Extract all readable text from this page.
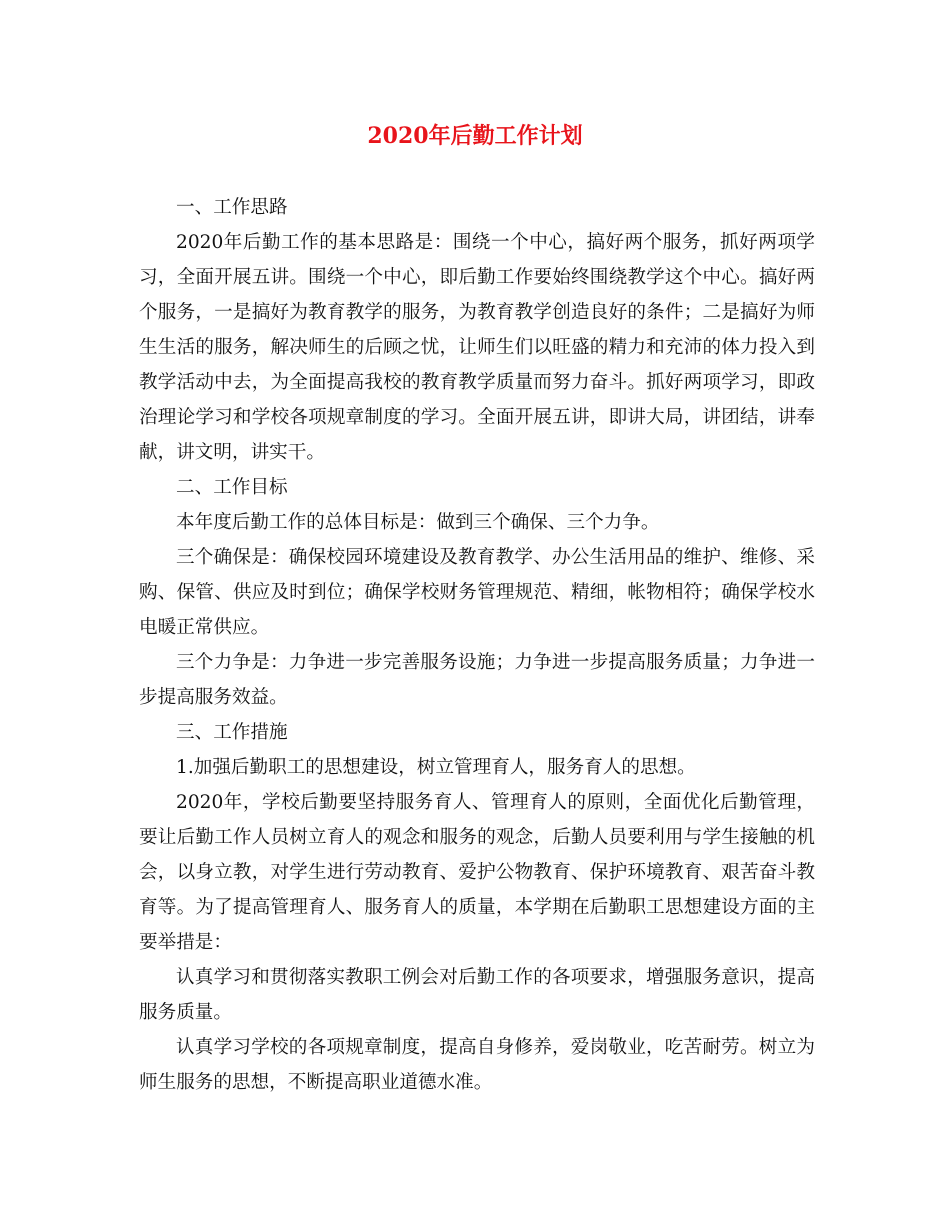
2020年后勤工作计划

一、工作思路

2020年后勤工作的基本思路是：围绕一个中心，搞好两个服务，抓好两项学习，全面开展五讲。围绕一个中心，即后勤工作要始终围绕教学这个中心。搞好两个服务，一是搞好为教育教学的服务，为教育教学创造良好的条件；二是搞好为师生生活的服务，解决师生的后顾之忧，让师生们以旺盛的精力和充沛的体力投入到教学活动中去，为全面提高我校的教育教学质量而努力奋斗。抓好两项学习，即政治理论学习和学校各项规章制度的学习。全面开展五讲，即讲大局，讲团结，讲奉献，讲文明，讲实干。

二、工作目标

本年度后勤工作的总体目标是：做到三个确保、三个力争。

三个确保是：确保校园环境建设及教育教学、办公生活用品的维护、维修、采购、保管、供应及时到位；确保学校财务管理规范、精细，帐物相符；确保学校水电暖正常供应。

三个力争是：力争进一步完善服务设施；力争进一步提高服务质量；力争进一步提高服务效益。

三、工作措施

1.加强后勤职工的思想建设，树立管理育人，服务育人的思想。

2020年，学校后勤要坚持服务育人、管理育人的原则，全面优化后勤管理，要让后勤工作人员树立育人的观念和服务的观念，后勤人员要利用与学生接触的机会，以身立教，对学生进行劳动教育、爱护公物教育、保护环境教育、艰苦奋斗教育等。为了提高管理育人、服务育人的质量，本学期在后勤职工思想建设方面的主要举措是：

认真学习和贯彻落实教职工例会对后勤工作的各项要求，增强服务意识，提高服务质量。

认真学习学校的各项规章制度，提高自身修养，爱岗敬业，吃苦耐劳。树立为师生服务的思想，不断提高职业道德水准。
